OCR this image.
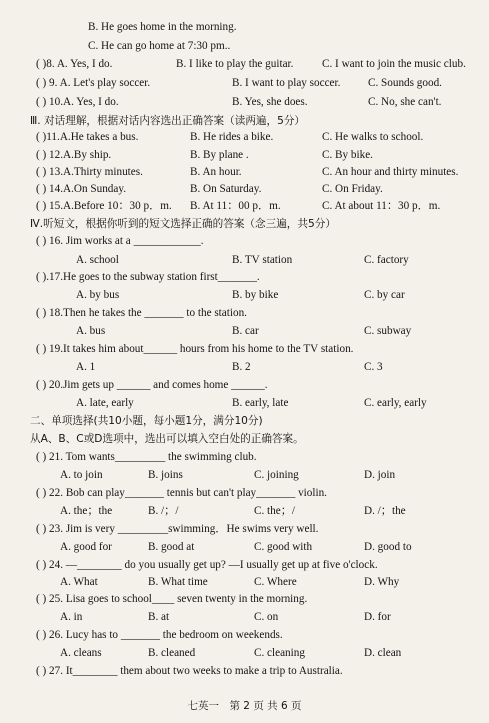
B. He goes home in the morning.
C. He can go home at 7:30 pm..
( )8. A. Yes, I do.	B. I like to play the guitar.	C. I want to join the music club.
( ) 9. A. Let's play soccer.	B. I want to play soccer. C. Sounds good.
( ) 10.A. Yes, I do.	B. Yes, she does.	C. No, she can't.
Ⅲ. 对话理解，根据对话内容选出正确答案（读两遍，5分）
( )11.A.He takes a bus.	B. He rides a bike.	C. He walks to school.
( ) 12.A.By ship.	B. By plane .	C. By bike.
( ) 13.A.Thirty minutes.	B. An hour.	C. An hour and thirty minutes.
( ) 14.A.On Sunday.	B. On Saturday.	C. On Friday.
( ) 15.A.Before 10：30 p．m. B. At 11：00 p．m.	C. At about 11：30 p．m.
Ⅳ.听短文，根据你听到的短文选择正确的答案（念三遍，共5分）
( ) 16. Jim works at a ____________.
A. school	B. TV station	C. factory
( ).17.He goes to the subway station first_______.
A. by bus	B. by bike	C. by car
( ) 18.Then he takes the _______ to the station.
A. bus	B. car	C. subway
( ) 19.It takes him about______ hours from his home to the TV station.
A. 1	B. 2	C. 3
( ) 20.Jim gets up ______ and comes home ______.
A. late, early	B. early, late	C. early, early
二、单项选择(共10小题，每小题1分，满分10分)
从A、B、C或D选项中，选出可以填入空白处的正确答案。
( ) 21. Tom wants_________ the swimming club.
A. to join	B. joins	C. joining	D. join
( ) 22. Bob can play_______ tennis but can't play_______ violin.
A. the；the	B. /；/	C. the；/	D. /；the
( ) 23. Jim is very _________swimming．He swims very well.
A. good for	B. good at	C. good with	D. good to
( ) 24. —________ do you usually get up? —I usually get up at five o'clock.
A. What	B. What time	C. Where	D. Why
( ) 25. Lisa goes to school____ seven twenty in the morning.
A. in	B. at	C. on	D. for
( ) 26. Lucy has to _______ the bedroom on weekends.
A. cleans	B. cleaned	C. cleaning	D. clean
( ) 27. It________ them about two weeks to make a trip to Australia.
七英一　第 2 页 共 6 页
